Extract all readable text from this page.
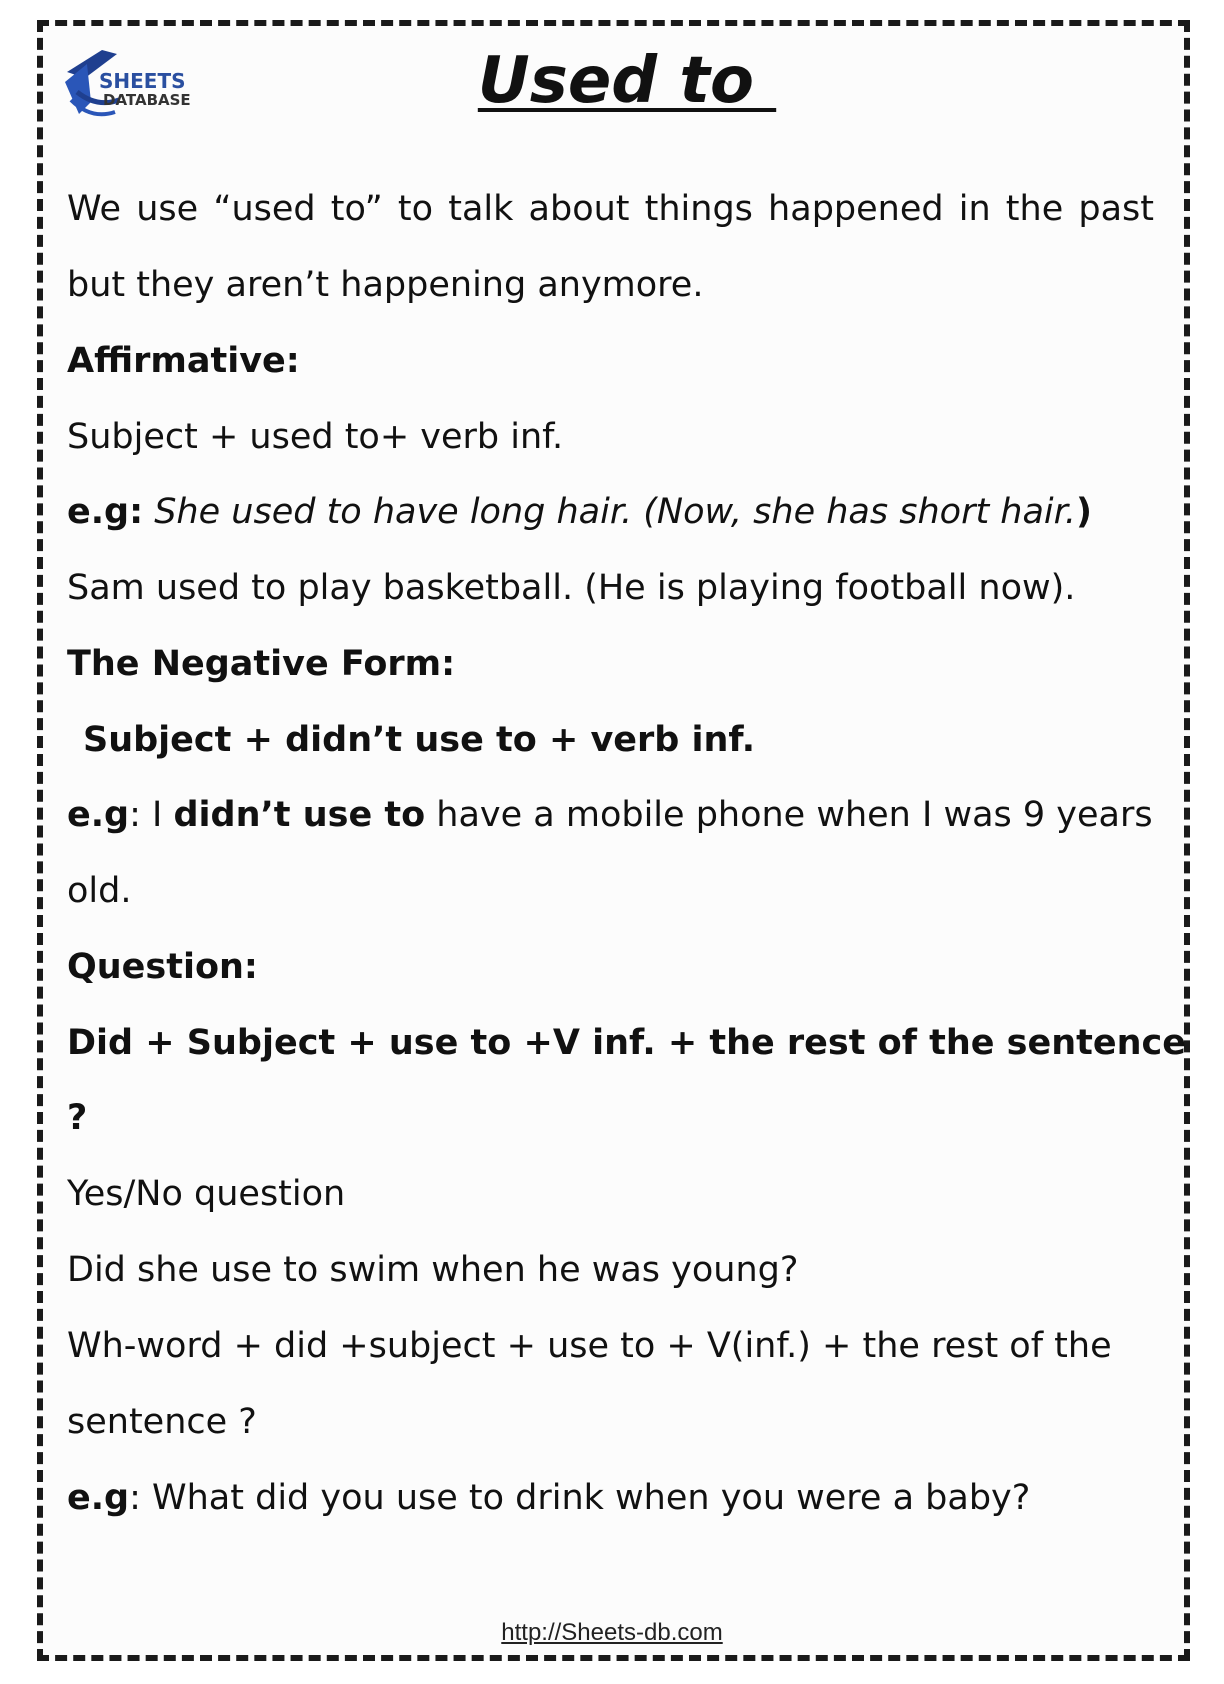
SHEETS
DATABASE	Used to
We use “used to” to talk about things happened in the past
but they aren’t happening anymore.
Affirmative:
Subject + used to+ verb inf.
e.g: She used to have long hair. (Now, she has short hair.)
Sam used to play basketball. (He is playing football now).
The Negative Form:
Subject + didn’t use to + verb inf.
e.g: I didn’t use to have a mobile phone when I was 9 years
old.
Question:
Did + Subject + use to +V inf. + the rest of the sentence
?
Yes/No question
Did she use to swim when he was young?
Wh-word + did +subject + use to + V(inf.) + the rest of the
sentence ?
e.g: What did you use to drink when you were a baby?
http://Sheets-db.com
